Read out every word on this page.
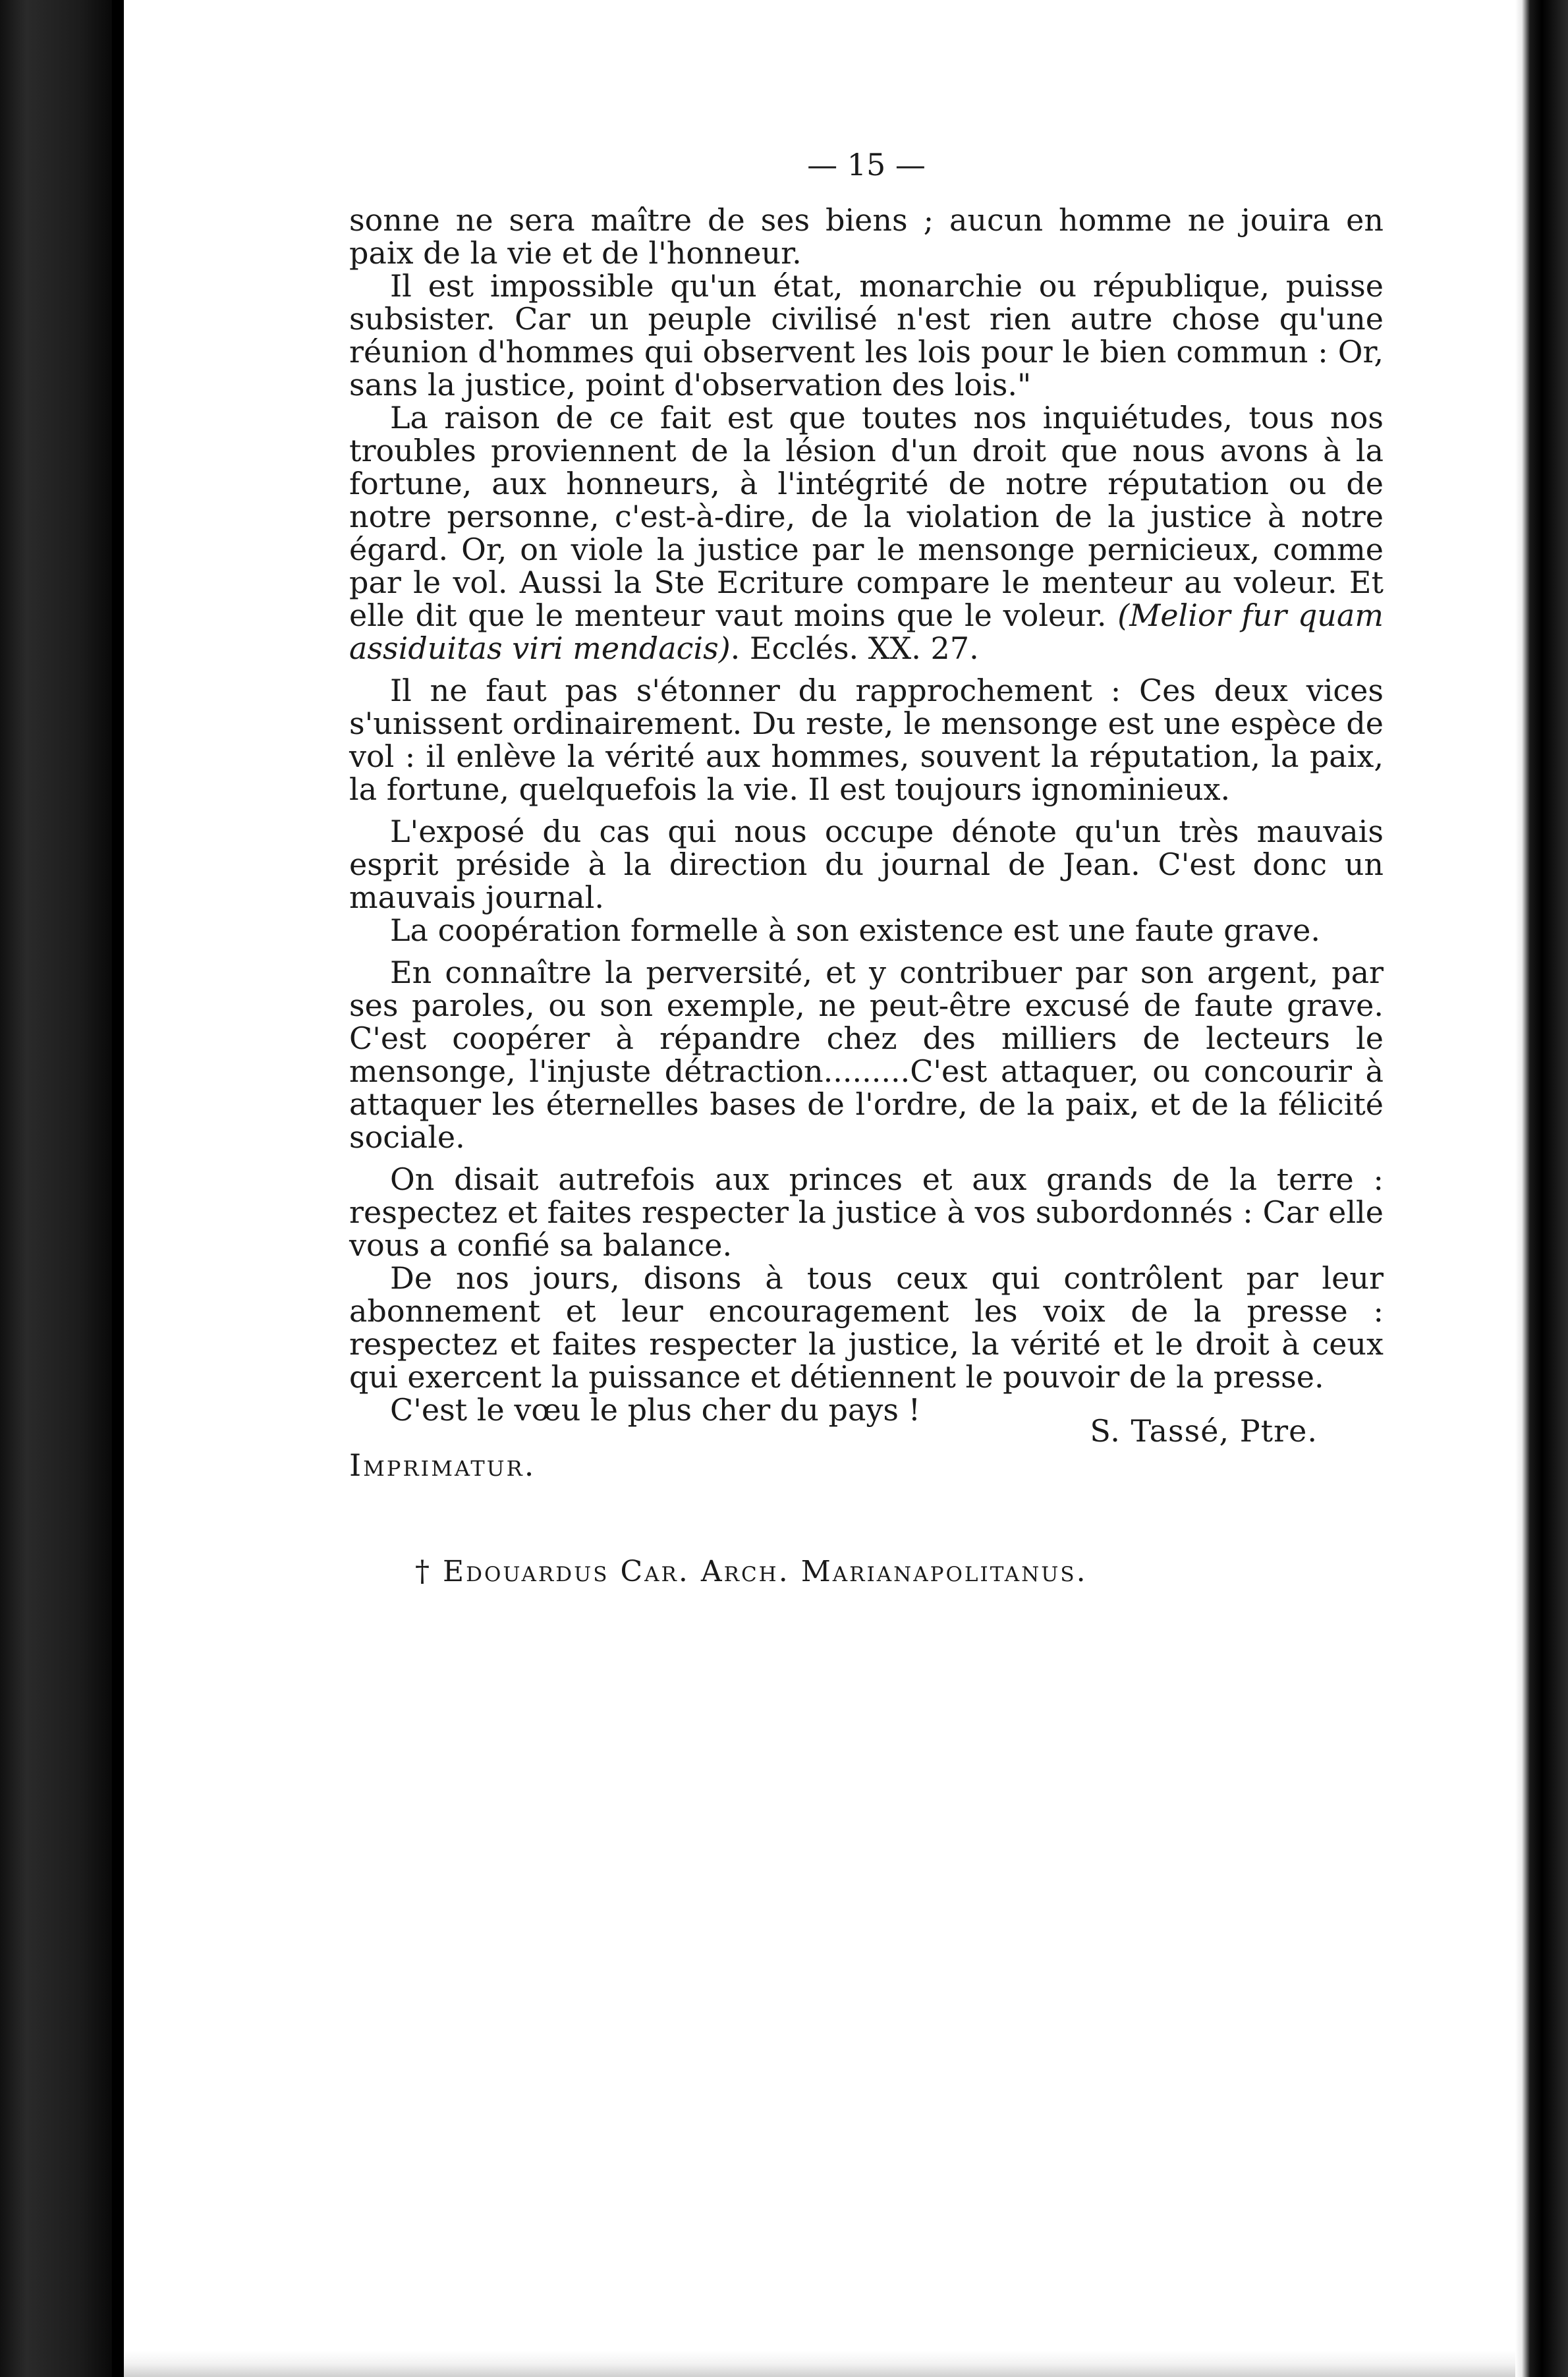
— 15 —

sonne ne sera maître de ses biens ; aucun homme ne jouira en paix de la vie et de l'honneur.

Il est impossible qu'un état, monarchie ou république, puisse subsister. Car un peuple civilisé n'est rien autre chose qu'une réunion d'hommes qui observent les lois pour le bien commun : Or, sans la justice, point d'observation des lois."

La raison de ce fait est que toutes nos inquiétudes, tous nos troubles proviennent de la lésion d'un droit que nous avons à la fortune, aux honneurs, à l'intégrité de notre réputation ou de notre personne, c'est-à-dire, de la violation de la justice à notre égard. Or, on viole la justice par le mensonge pernicieux, comme par le vol. Aussi la Ste Ecriture compare le menteur au voleur. Et elle dit que le menteur vaut moins que le voleur. (Melior fur quam assiduitas viri mendacis). Ecclés. XX. 27.

Il ne faut pas s'étonner du rapprochement : Ces deux vices s'unissent ordinairement. Du reste, le mensonge est une espèce de vol : il enlève la vérité aux hommes, souvent la réputation, la paix, la fortune, quelquefois la vie. Il est toujours ignominieux.

L'exposé du cas qui nous occupe dénote qu'un très mauvais esprit préside à la direction du journal de Jean. C'est donc un mauvais journal.

La coopération formelle à son existence est une faute grave.

En connaître la perversité, et y contribuer par son argent, par ses paroles, ou son exemple, ne peut-être excusé de faute grave. C'est coopérer à répandre chez des milliers de lecteurs le mensonge, l'injuste détraction.........C'est attaquer, ou concourir à attaquer les éternelles bases de l'ordre, de la paix, et de la félicité sociale.

On disait autrefois aux princes et aux grands de la terre : respectez et faites respecter la justice à vos subordonnés : Car elle vous a confié sa balance.

De nos jours, disons à tous ceux qui contrôlent par leur abonnement et leur encouragement les voix de la presse : respectez et faites respecter la justice, la vérité et le droit à ceux qui exercent la puissance et détiennent le pouvoir de la presse.

C'est le vœu le plus cher du pays !

S. Tassé, Ptre.
Imprimatur.
† Edouardus Car. Arch. Marianapolitanus.
